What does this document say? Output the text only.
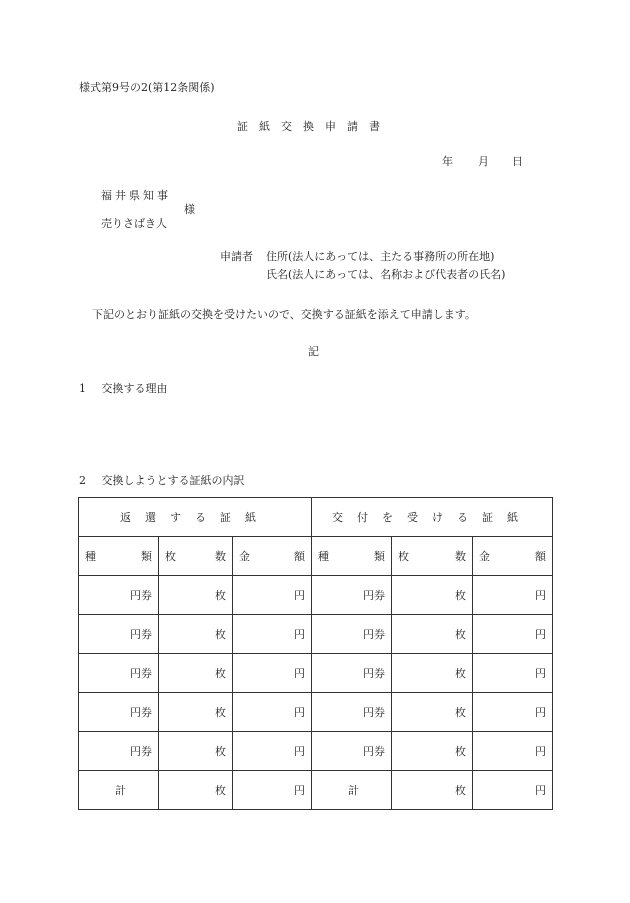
様式第9号の2(第12条関係)
証紙交換申請書
年 月 日
福井県知事
様
売りさばき人
申請者 住所(法人にあっては、主たる事務所の所在地)
氏名(法人にあっては、名称および代表者の氏名)
下記のとおり証紙の交換を受けたいので、交換する証紙を添えて申請します。
記
1 交換する理由
2 交換しようとする証紙の内訳
返還する証紙			交付を受ける証紙		

種 類	枚 数	金 額	種 類	枚 数	金 額

円券	枚	円	円券	枚	円
円券	枚	円	円券	枚	円
円券	枚	円	円券	枚	円
円券	枚	円	円券	枚	円
円券	枚	円	円券	枚	円
計	枚	円	計	枚	円
